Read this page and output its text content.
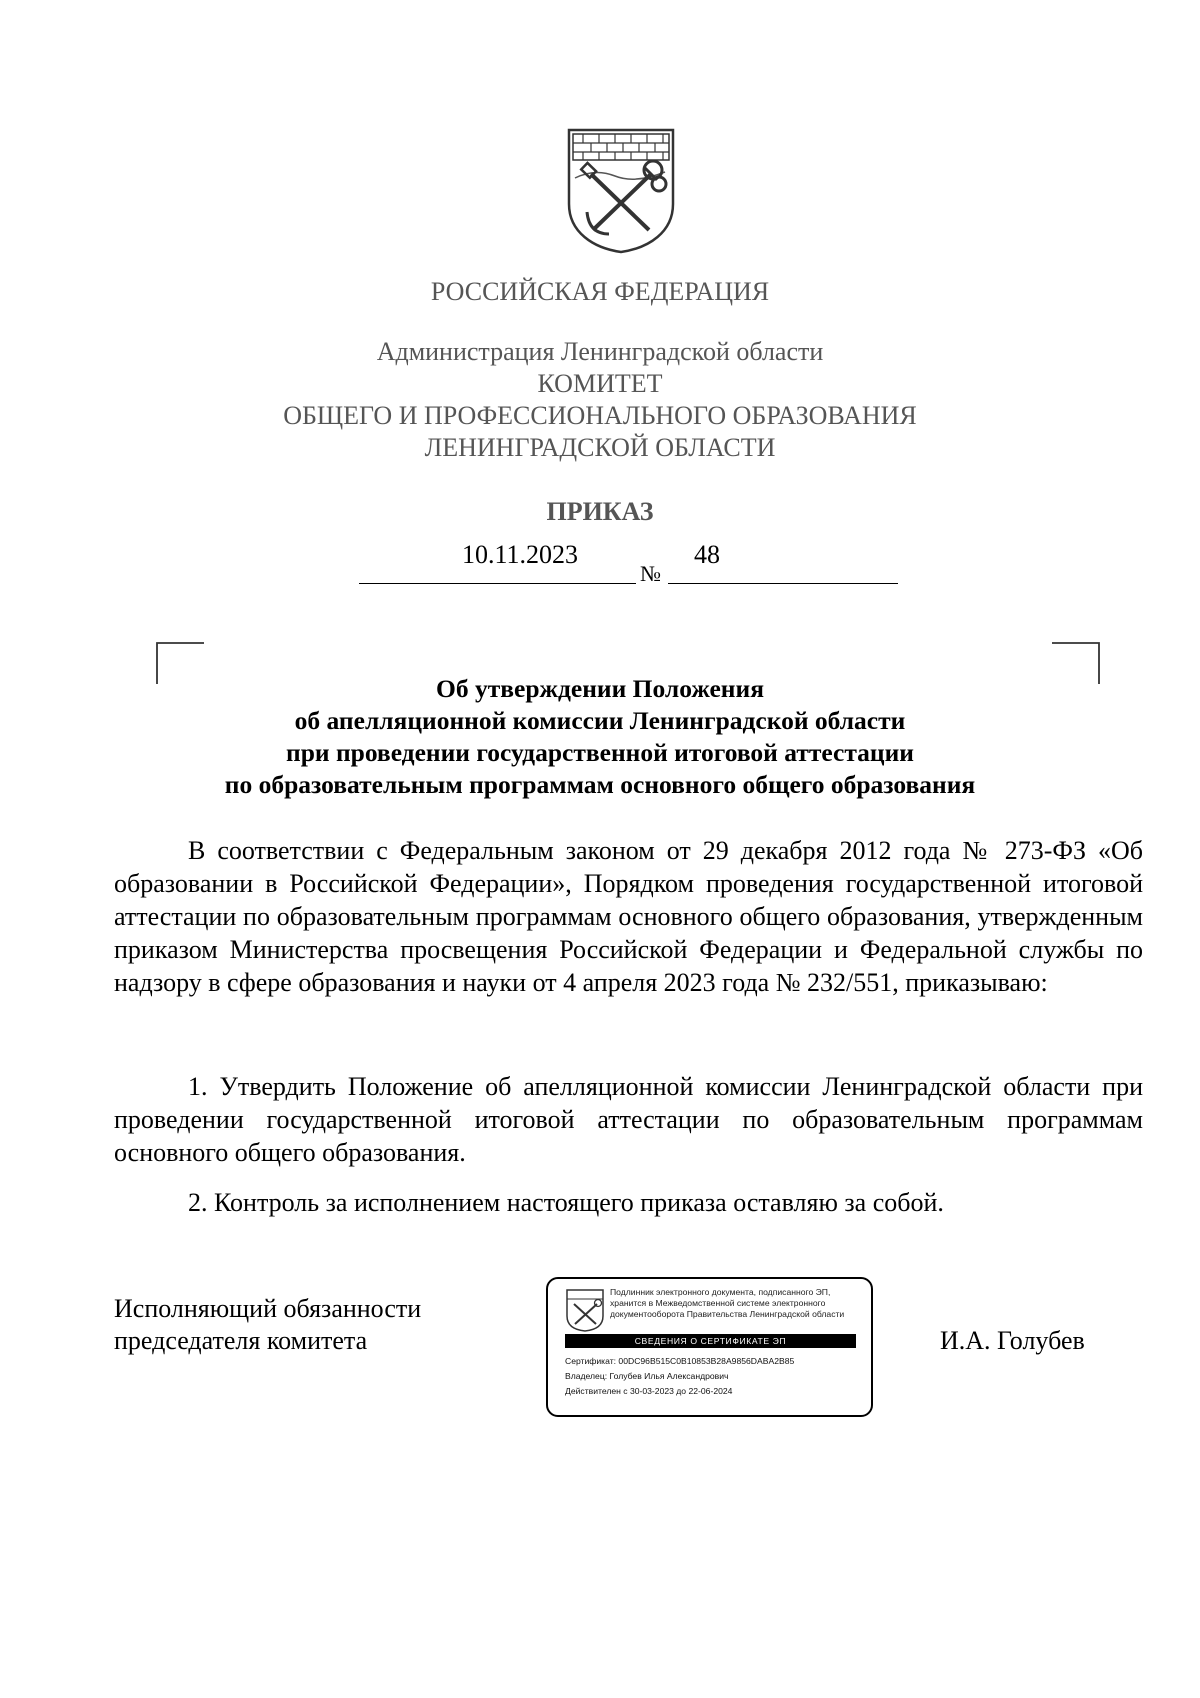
РОССИЙСКАЯ ФЕДЕРАЦИЯ
Администрация Ленинградской области
КОМИТЕТ
ОБЩЕГО И ПРОФЕССИОНАЛЬНОГО ОБРАЗОВАНИЯ
ЛЕНИНГРАДСКОЙ ОБЛАСТИ
ПРИКАЗ
10.11.2023
№
48
Об утверждении Положения
об апелляционной комиссии Ленинградской области
при проведении государственной итоговой аттестации
по образовательным программам основного общего образования
В соответствии с Федеральным законом от 29 декабря 2012 года № 273-ФЗ «Об образовании в Российской Федерации», Порядком проведения государственной итоговой аттестации по образовательным программам основного общего образования, утвержденным приказом Министерства просвещения Российской Федерации и Федеральной службы по надзору в сфере образования и науки от 4 апреля 2023 года № 232/551, приказываю:
1. Утвердить Положение об апелляционной комиссии Ленинградской области при проведении государственной итоговой аттестации по образовательным программам основного общего образования.
2. Контроль за исполнением настоящего приказа оставляю за собой.
Исполняющий обязанности
председателя комитета	И.А. Голубев
Подлинник электронного документа, подписанного ЭП,
хранится в Межведомственной системе электронного
документооборота Правительства Ленинградской области
СВЕДЕНИЯ О СЕРТИФИКАТЕ ЭП
Сертификат: 00DC96B515C0B10853B28A9856DABA2B85
Владелец: Голубев Илья Александрович
Действителен с 30-03-2023 до 22-06-2024
